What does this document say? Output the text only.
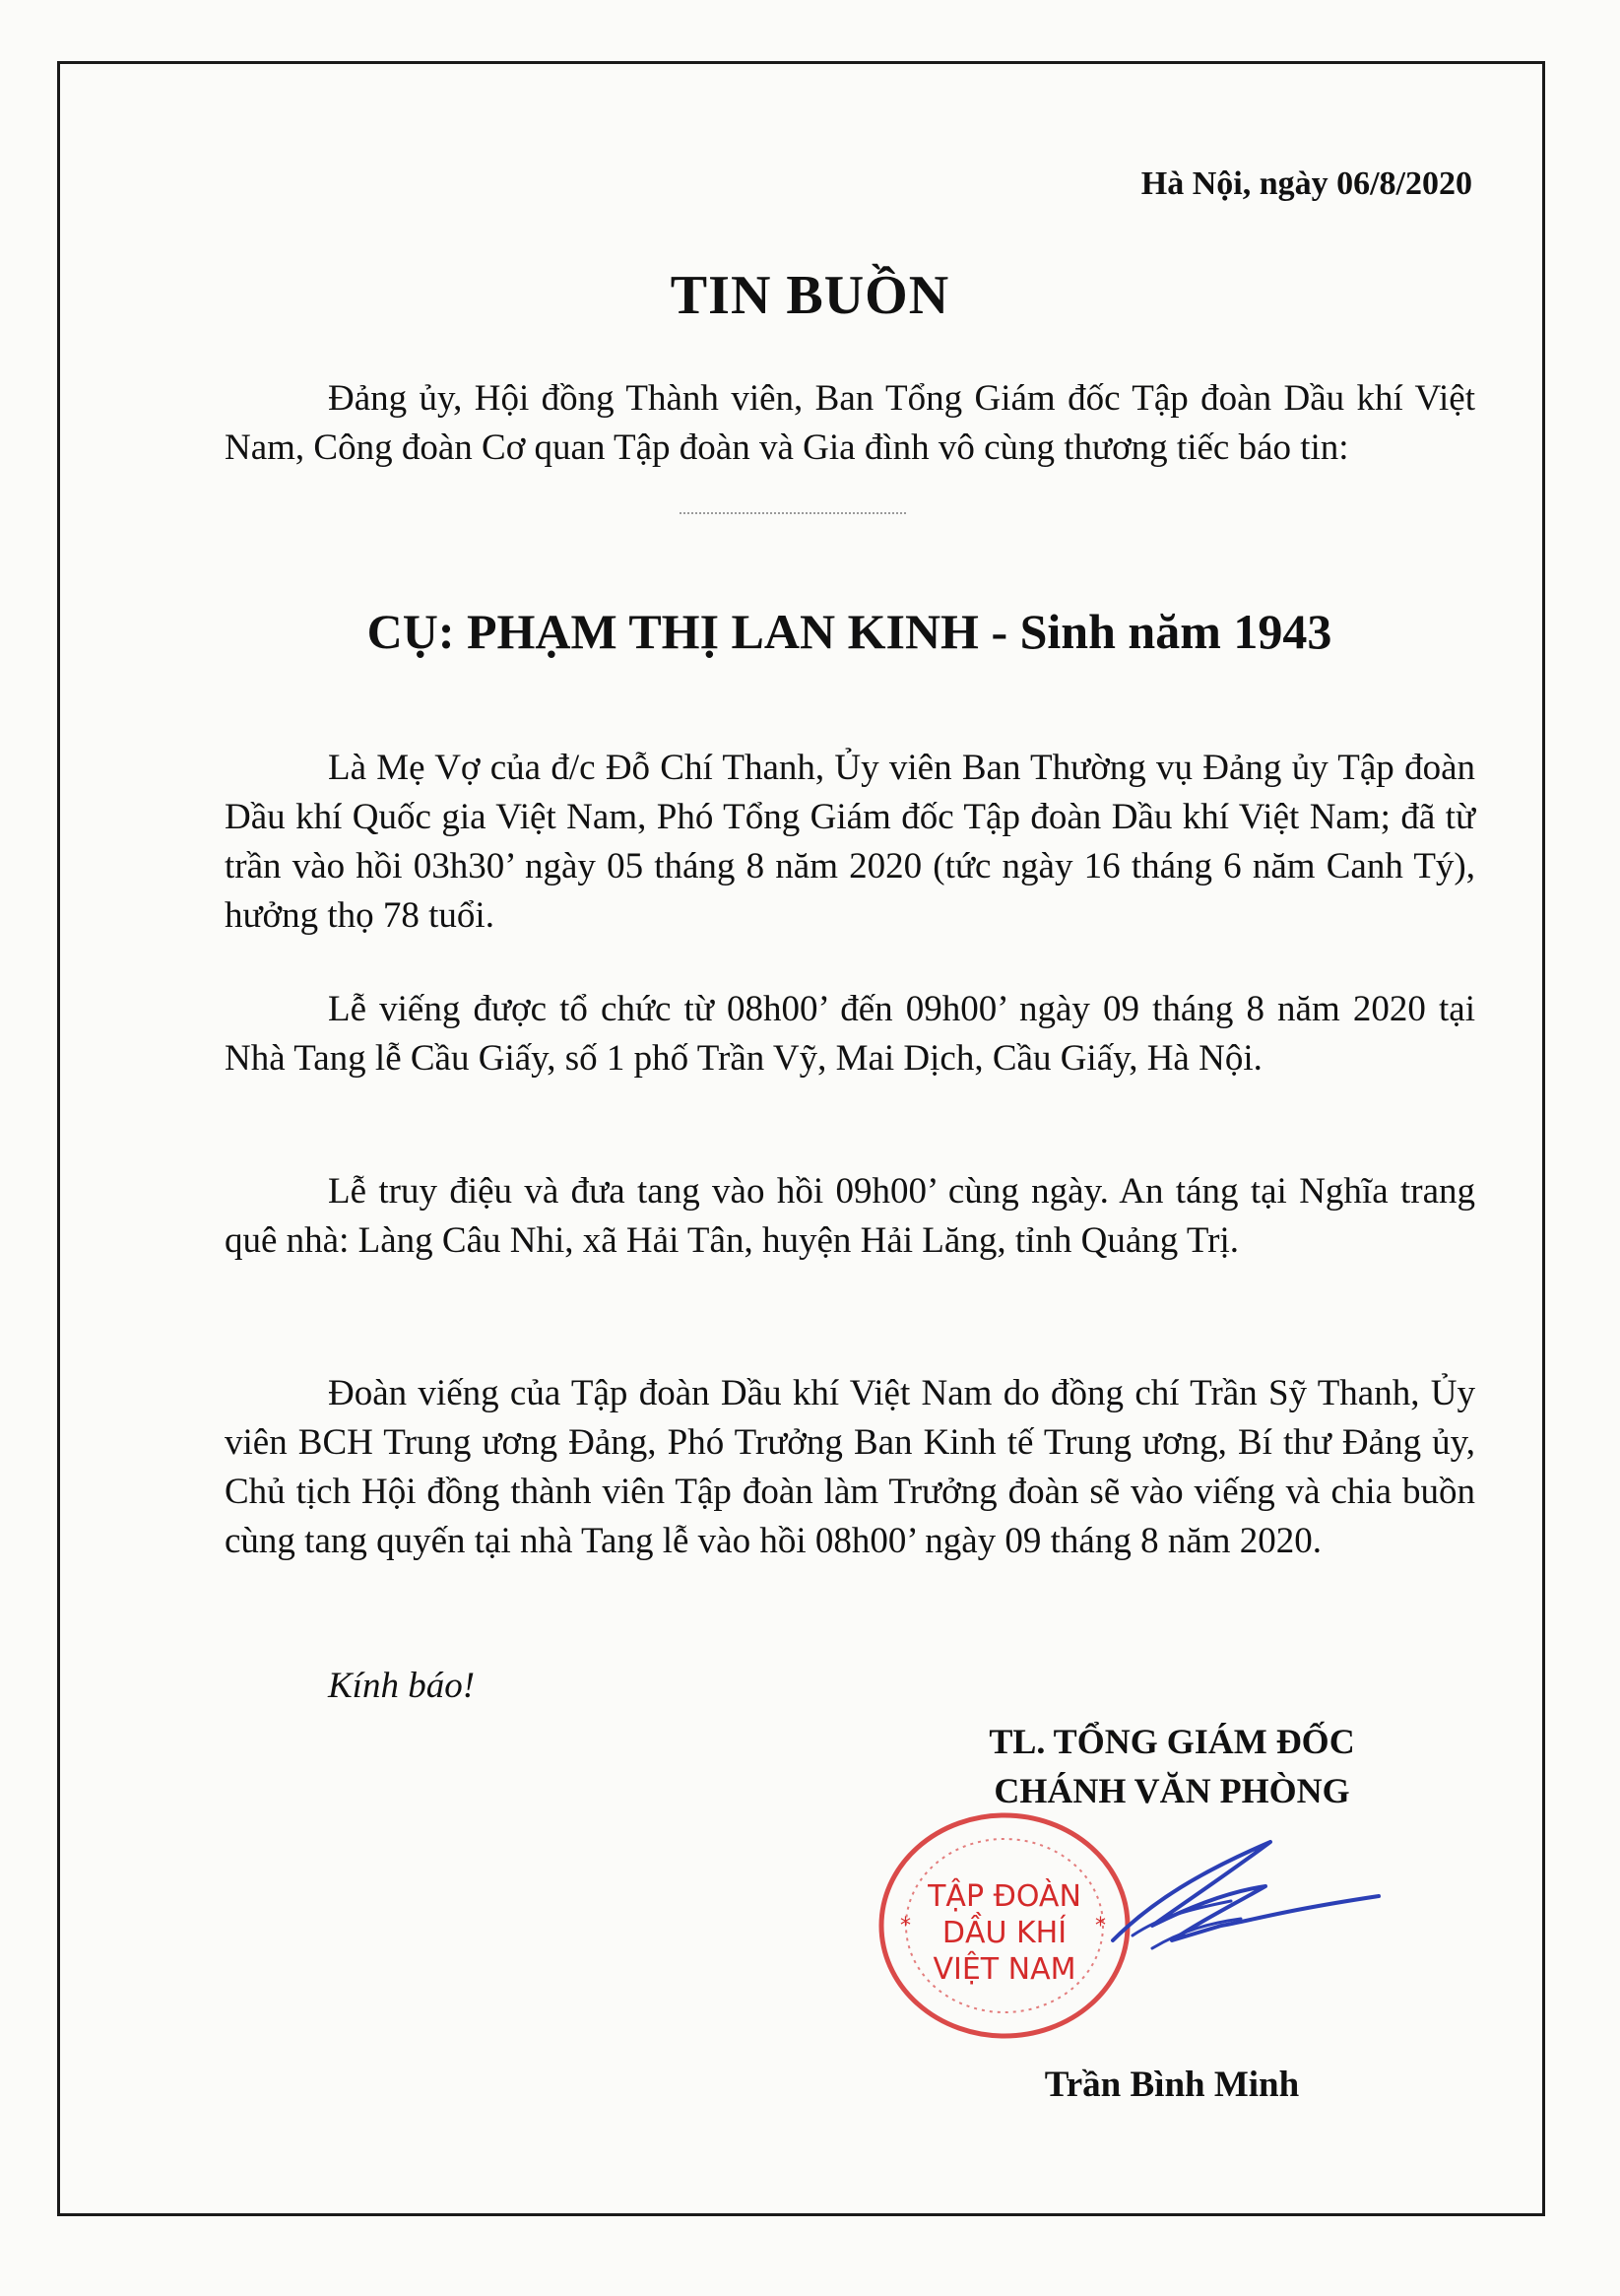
Hà Nội, ngày 06/8/2020
TIN BUỒN
Đảng ủy, Hội đồng Thành viên, Ban Tổng Giám đốc Tập đoàn Dầu khí Việt Nam, Công đoàn Cơ quan Tập đoàn và Gia đình vô cùng thương tiếc báo tin:
CỤ: PHẠM THỊ LAN KINH - Sinh năm 1943
Là Mẹ Vợ của đ/c Đỗ Chí Thanh, Ủy viên Ban Thường vụ Đảng ủy Tập đoàn Dầu khí Quốc gia Việt Nam, Phó Tổng Giám đốc Tập đoàn Dầu khí Việt Nam; đã từ trần vào hồi 03h30’ ngày 05 tháng 8 năm 2020 (tức ngày 16 tháng 6 năm Canh Tý), hưởng thọ 78 tuổi.
Lễ viếng được tổ chức từ 08h00’ đến 09h00’ ngày 09 tháng 8 năm 2020 tại Nhà Tang lễ Cầu Giấy, số 1 phố Trần Vỹ, Mai Dịch, Cầu Giấy, Hà Nội.
Lễ truy điệu và đưa tang vào hồi 09h00’ cùng ngày. An táng tại Nghĩa trang quê nhà: Làng Câu Nhi, xã Hải Tân, huyện Hải Lăng, tỉnh Quảng Trị.
Đoàn viếng của Tập đoàn Dầu khí Việt Nam do đồng chí Trần Sỹ Thanh, Ủy viên BCH Trung ương Đảng, Phó Trưởng Ban Kinh tế Trung ương, Bí thư Đảng ủy, Chủ tịch Hội đồng thành viên Tập đoàn làm Trưởng đoàn sẽ vào viếng và chia buồn cùng tang quyến tại nhà Tang lễ vào hồi 08h00’ ngày 09 tháng 8 năm 2020.
Kính báo!
TL. TỔNG GIÁM ĐỐC
CHÁNH VĂN PHÒNG
TẬP ĐOÀN
DẦU KHÍ
VIỆT NAM
*	*
Trần Bình Minh
